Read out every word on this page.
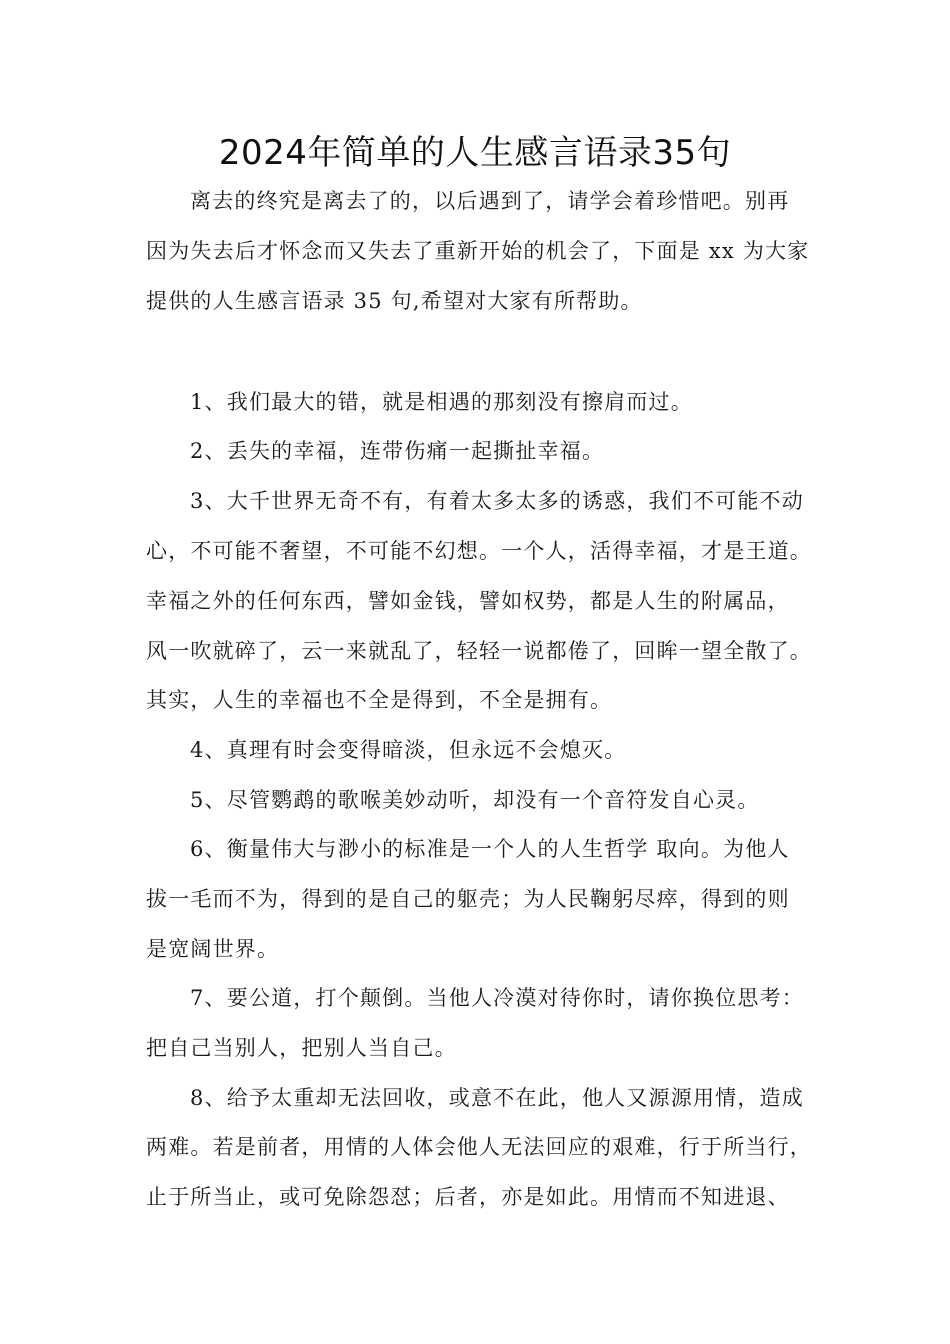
2024年简单的人生感言语录35句
离去的终究是离去了的，以后遇到了，请学会着珍惜吧。别再
因为失去后才怀念而又失去了重新开始的机会了，下面是 xx 为大家
提供的人生感言语录 35 句,希望对大家有所帮助。
1、我们最大的错，就是相遇的那刻没有擦肩而过。
2、丢失的幸福，连带伤痛一起撕扯幸福。
3、大千世界无奇不有，有着太多太多的诱惑，我们不可能不动
心，不可能不奢望，不可能不幻想。一个人，活得幸福，才是王道。
幸福之外的任何东西，譬如金钱，譬如权势，都是人生的附属品，
风一吹就碎了，云一来就乱了，轻轻一说都倦了，回眸一望全散了。
其实，人生的幸福也不全是得到，不全是拥有。
4、真理有时会变得暗淡，但永远不会熄灭。
5、尽管鹦鹉的歌喉美妙动听，却没有一个音符发自心灵。
6、衡量伟大与渺小的标准是一个人的人生哲学 取向。为他人
拔一毛而不为，得到的是自己的躯壳；为人民鞠躬尽瘁，得到的则
是宽阔世界。
7、要公道，打个颠倒。当他人冷漠对待你时，请你换位思考：
把自己当别人，把别人当自己。
8、给予太重却无法回收，或意不在此，他人又源源用情，造成
两难。若是前者，用情的人体会他人无法回应的艰难，行于所当行，
止于所当止，或可免除怨怼；后者，亦是如此。用情而不知进退、
